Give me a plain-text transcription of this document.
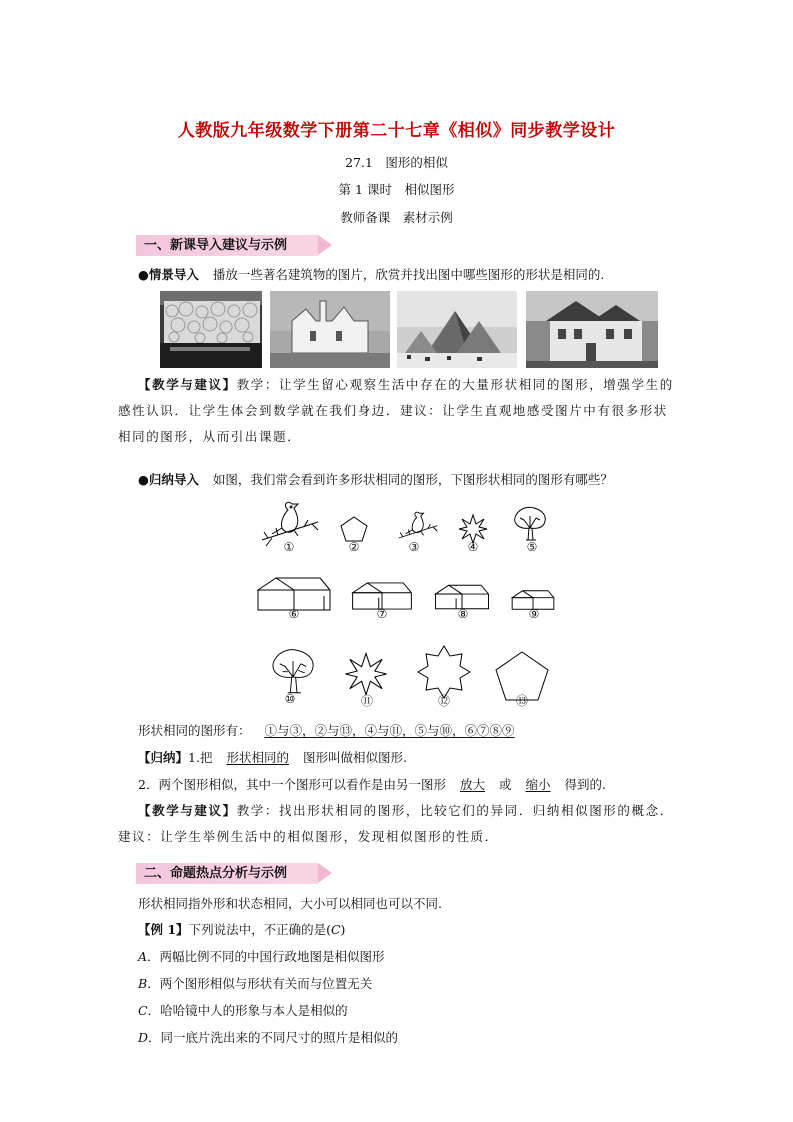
人教版九年级数学下册第二十七章《相似》同步教学设计
27.1　图形的相似
第 1 课时　相似图形
教师备课　素材示例
一、新课导入建议与示例
●情景导入 播放一些著名建筑物的图片，欣赏并找出图中哪些图形的形状是相同的.
【教学与建议】教学：让学生留心观察生活中存在的大量形状相同的图形，增强学生的感性认识．让学生体会到数学就在我们身边．建议：让学生直观地感受图片中有很多形状相同的图形，从而引出课题．
●归纳导入 如图，我们常会看到许多形状相同的图形，下图形状相同的图形有哪些？
①	②	③	④	⑤
⑥	⑦	⑧	⑨
⑩	⑪	⑫	⑬
形状相同的图形有： ①与③，②与⑬，④与⑪，⑤与⑩，⑥⑦⑧⑨
【归纳】1.把 形状相同的 图形叫做相似图形.
2．两个图形相似，其中一个图形可以看作是由另一图形 放大 或 缩小 得到的.
【教学与建议】教学：找出形状相同的图形，比较它们的异同．归纳相似图形的概念．建议：让学生举例生活中的相似图形，发现相似图形的性质．
二、命题热点分析与示例
形状相同指外形和状态相同，大小可以相同也可以不同.
【例 1】下列说法中，不正确的是(C)
A．两幅比例不同的中国行政地图是相似图形
B．两个图形相似与形状有关而与位置无关
C．哈哈镜中人的形象与本人是相似的
D．同一底片洗出来的不同尺寸的照片是相似的
